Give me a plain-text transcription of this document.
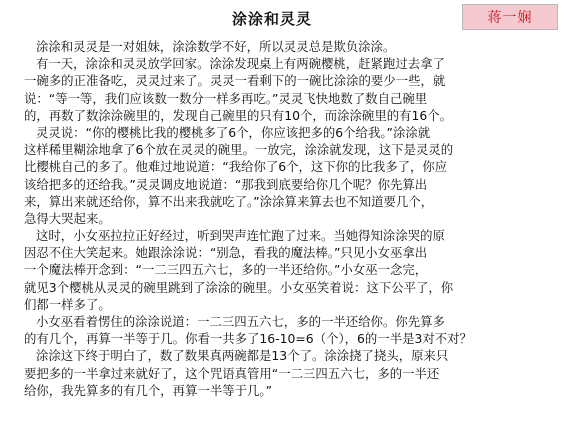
涂涂和灵灵	蒋一娴
涂涂和灵灵是一对姐妹，涂涂数学不好，所以灵灵总是欺负涂涂。
有一天，涂涂和灵灵放学回家。涂涂发现桌上有两碗樱桃，赶紧跑过去拿了
一碗多的正准备吃，灵灵过来了。灵灵一看剩下的一碗比涂涂的要少一些，就
说：“等一等，我们应该数一数分一样多再吃。”灵灵飞快地数了数自己碗里
的，再数了数涂涂碗里的，发现自己碗里的只有10个，而涂涂碗里的有16个。
灵灵说：“你的樱桃比我的樱桃多了6个，你应该把多的6个给我。”涂涂就
这样稀里糊涂地拿了6个放在灵灵的碗里。一放完，涂涂就发现，这下是灵灵的
比樱桃自己的多了。他难过地说道：“我给你了6个，这下你的比我多了，你应
该给把多的还给我。”灵灵调皮地说道：“那我到底要给你几个呢？你先算出
来，算出来就还给你，算不出来我就吃了。”涂涂算来算去也不知道要几个，
急得大哭起来。
这时，小女巫拉拉正好经过，听到哭声连忙跑了过来。当她得知涂涂哭的原
因忍不住大笑起来。她跟涂涂说：“别急，看我的魔法棒。”只见小女巫拿出
一个魔法棒开念到：“一二三四五六七，多的一半还给你。”小女巫一念完，
就见3个樱桃从灵灵的碗里跳到了涂涂的碗里。小女巫笑着说：这下公平了，你
们都一样多了。
小女巫看着愣住的涂涂说道：一二三四五六七，多的一半还给你。你先算多
的有几个，再算一半等于几。你看一共多了16-10=6（个），6的一半是3对不对？
涂涂这下终于明白了，数了数果真两碗都是13个了。涂涂挠了挠头，原来只
要把多的一半拿过来就好了，这个咒语真管用“一二三四五六七，多的一半还
给你，我先算多的有几个，再算一半等于几。”
